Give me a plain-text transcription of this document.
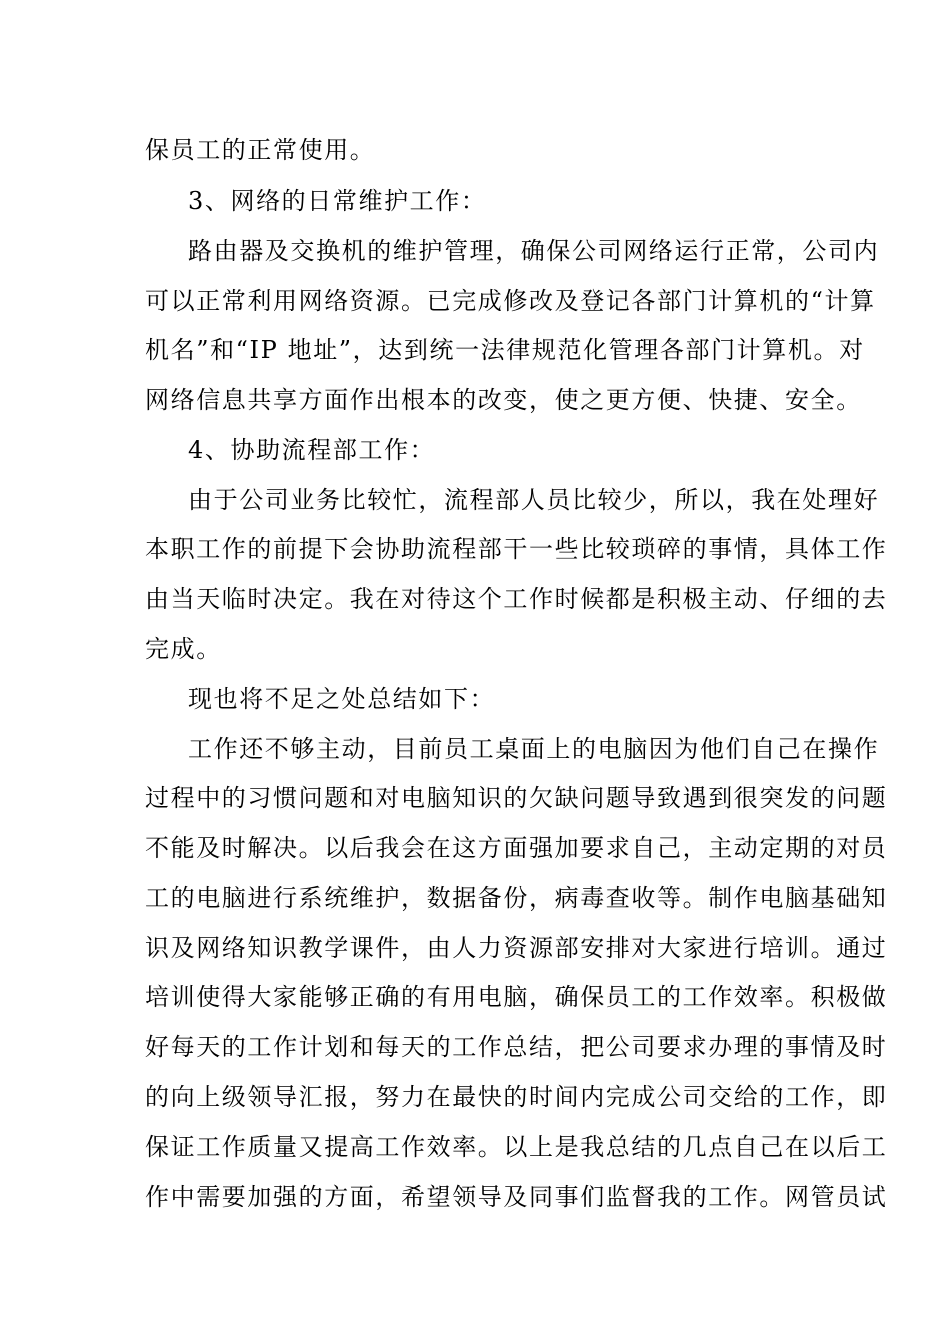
保员工的正常使用。
3、网络的日常维护工作：
路由器及交换机的维护管理，确保公司网络运行正常，公司内
可以正常利用网络资源。已完成修改及登记各部门计算机的“计算
机名”和“IP 地址”，达到统一法律规范化管理各部门计算机。对
网络信息共享方面作出根本的改变，使之更方便、快捷、安全。
4、协助流程部工作：
由于公司业务比较忙，流程部人员比较少，所以，我在处理好
本职工作的前提下会协助流程部干一些比较琐碎的事情，具体工作
由当天临时决定。我在对待这个工作时候都是积极主动、仔细的去
完成。
现也将不足之处总结如下：
工作还不够主动，目前员工桌面上的电脑因为他们自己在操作
过程中的习惯问题和对电脑知识的欠缺问题导致遇到很突发的问题
不能及时解决。以后我会在这方面强加要求自己，主动定期的对员
工的电脑进行系统维护，数据备份，病毒查收等。制作电脑基础知
识及网络知识教学课件，由人力资源部安排对大家进行培训。通过
培训使得大家能够正确的有用电脑，确保员工的工作效率。积极做
好每天的工作计划和每天的工作总结，把公司要求办理的事情及时
的向上级领导汇报，努力在最快的时间内完成公司交给的工作，即
保证工作质量又提高工作效率。以上是我总结的几点自己在以后工
作中需要加强的方面，希望领导及同事们监督我的工作。网管员试
